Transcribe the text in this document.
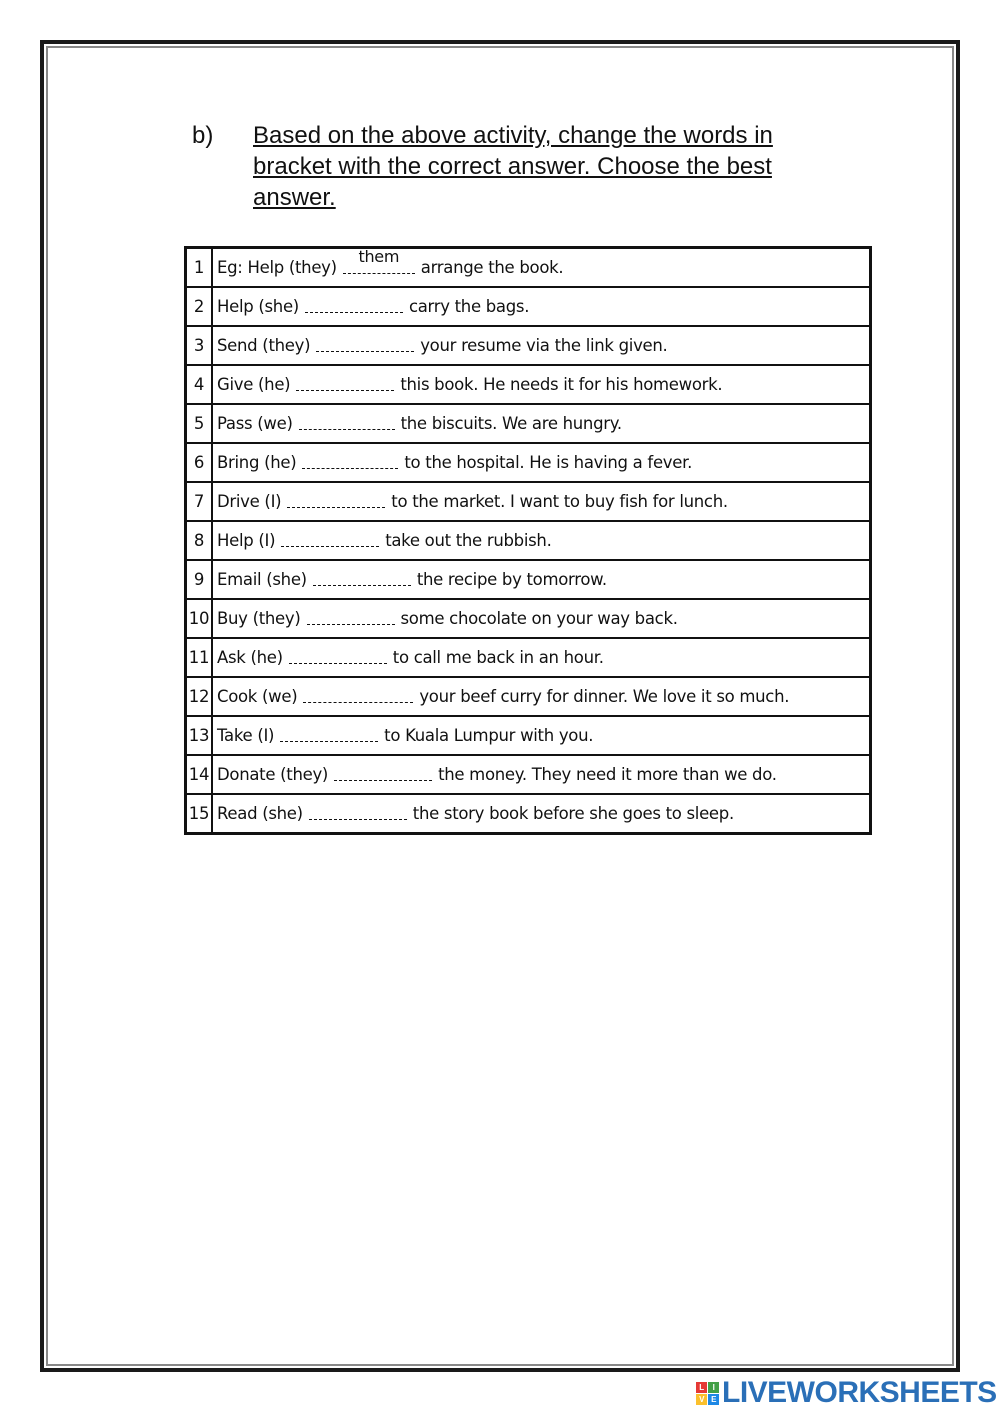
b) Based on the above activity, change the words in bracket with the correct answer. Choose the best answer.
1	Eg: Help (they)
them
arrange the book.
2	Help (she) carry the bags.
3	Send (they) your resume via the link given.
4	Give (he) this book. He needs it for his homework.
5	Pass (we) the biscuits. We are hungry.
6	Bring (he) to the hospital. He is having a fever.
7	Drive (I) to the market. I want to buy fish for lunch.
8	Help (I) take out the rubbish.
9	Email (she) the recipe by tomorrow.
10	Buy (they) some chocolate on your way back.
11	Ask (he) to call me back in an hour.
12	Cook (we) your beef curry for dinner. We love it so much.
13	Take (I) to Kuala Lumpur with you.
14	Donate (they) the money. They need it more than we do.
15	Read (she) the story book before she goes to sleep.
L	I
V E LIVEWORKSHEETS
